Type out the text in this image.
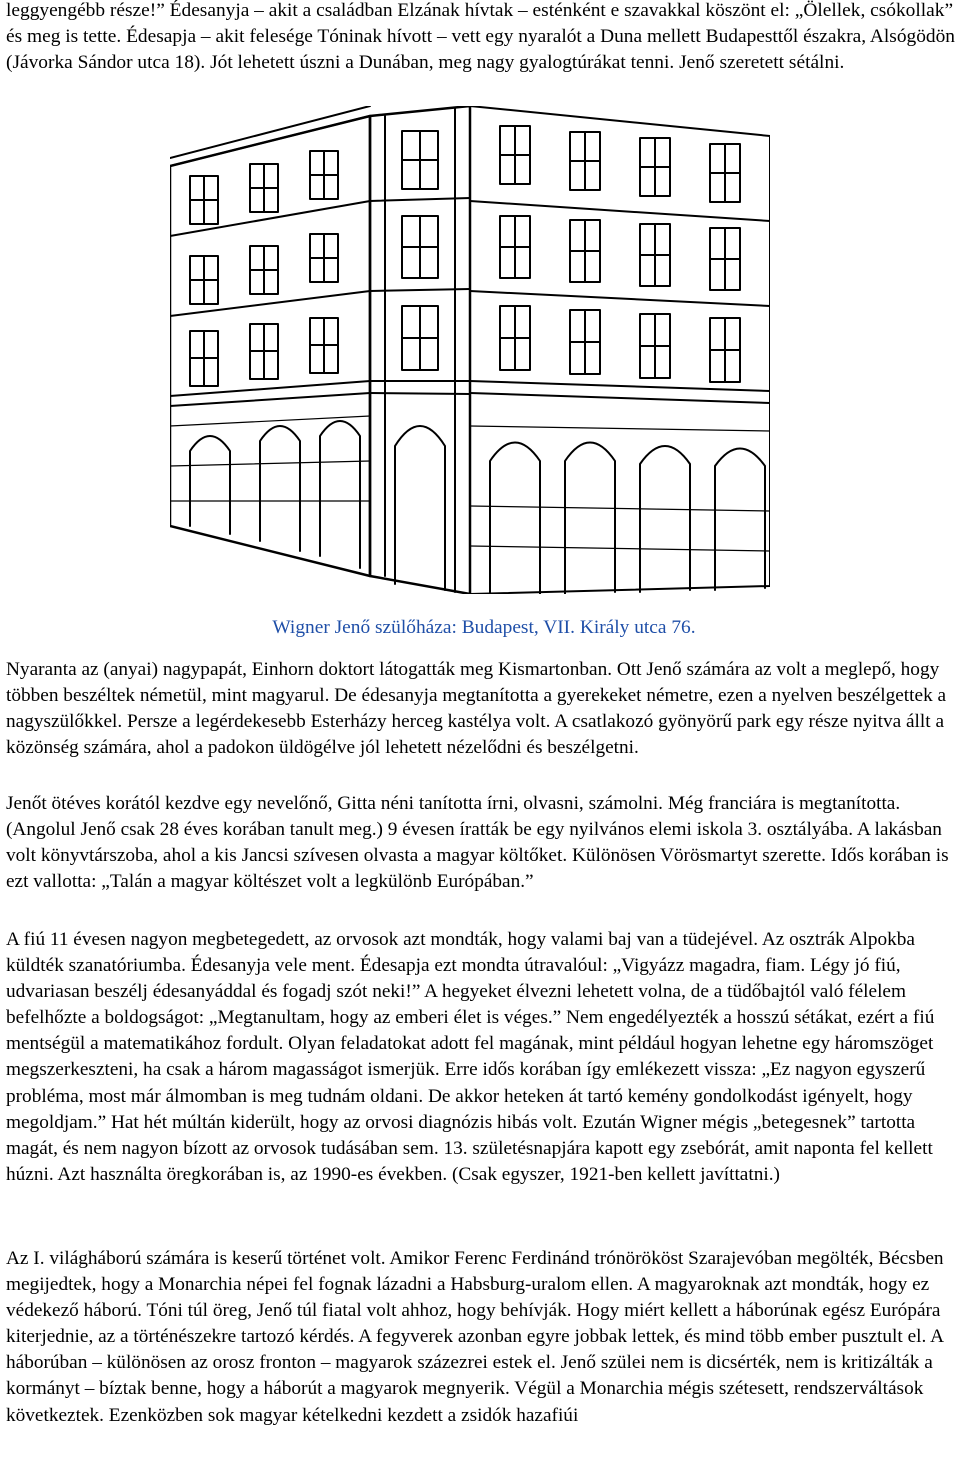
leggyengébb része!” Édesanyja – akit a családban Elzának hívtak – esténként e szavakkal köszönt el: „Ölellek, csókollak” és meg is tette. Édesapja – akit felesége Tóninak hívott – vett egy nyaralót a Duna mellett Budapesttől északra, Alsógödön (Jávorka Sándor utca 18). Jót lehetett úszni a Dunában, meg nagy gyalogtúrákat tenni. Jenő szeretett sétálni.

Wigner Jenő szülőháza: Budapest, VII. Király utca 76.

Nyaranta az (anyai) nagypapát, Einhorn doktort látogatták meg Kismartonban. Ott Jenő számára az volt a meglepő, hogy többen beszéltek németül, mint magyarul. De édesanyja megtanította a gyerekeket németre, ezen a nyelven beszélgettek a nagyszülőkkel. Persze a legérdekesebb Esterházy herceg kastélya volt. A csatlakozó gyönyörű park egy része nyitva állt a közönség számára, ahol a padokon üldögélve jól lehetett nézelődni és beszélgetni.

Jenőt ötéves korától kezdve egy nevelőnő, Gitta néni tanította írni, olvasni, számolni. Még franciára is megtanította. (Angolul Jenő csak 28 éves korában tanult meg.) 9 évesen íratták be egy nyilvános elemi iskola 3. osztályába. A lakásban volt könyvtárszoba, ahol a kis Jancsi szívesen olvasta a magyar költőket. Különösen Vörösmartyt szerette. Idős korában is ezt vallotta: „Talán a magyar költészet volt a legkülönb Európában.”

A fiú 11 évesen nagyon megbetegedett, az orvosok azt mondták, hogy valami baj van a tüdejével. Az osztrák Alpokba küldték szanatóriumba. Édesanyja vele ment. Édesapja ezt mondta útravalóul: „Vigyázz magadra, fiam. Légy jó fiú, udvariasan beszélj édesanyáddal és fogadj szót neki!” A hegyeket élvezni lehetett volna, de a tüdőbajtól való félelem befelhőzte a boldogságot: „Megtanultam, hogy az emberi élet is véges.” Nem engedélyezték a hosszú sétákat, ezért a fiú mentségül a matematikához fordult. Olyan feladatokat adott fel magának, mint például hogyan lehetne egy háromszöget megszerkeszteni, ha csak a három magasságot ismerjük. Erre idős korában így emlékezett vissza: „Ez nagyon egyszerű probléma, most már álmomban is meg tudnám oldani. De akkor heteken át tartó kemény gondolkodást igényelt, hogy megoldjam.” Hat hét múltán kiderült, hogy az orvosi diagnózis hibás volt. Ezután Wigner mégis „betegesnek” tartotta magát, és nem nagyon bízott az orvosok tudásában sem. 13. születésnapjára kapott egy zsebórát, amit naponta fel kellett húzni. Azt használta öregkorában is, az 1990-es években. (Csak egyszer, 1921-ben kellett javíttatni.)

Az I. világháború számára is keserű történet volt. Amikor Ferenc Ferdinánd trónörököst Szarajevóban megölték, Bécsben megijedtek, hogy a Monarchia népei fel fognak lázadni a Habsburg-uralom ellen. A magyaroknak azt mondták, hogy ez védekező háború. Tóni túl öreg, Jenő túl fiatal volt ahhoz, hogy behívják. Hogy miért kellett a háborúnak egész Európára kiterjednie, az a történészekre tartozó kérdés. A fegyverek azonban egyre jobbak lettek, és mind több ember pusztult el. A háborúban – különösen az orosz fronton – magyarok százezrei estek el. Jenő szülei nem is dicsérték, nem is kritizálták a kormányt – bíztak benne, hogy a háborút a magyarok megnyerik. Végül a Monarchia mégis szétesett, rendszerváltások következtek. Ezenközben sok magyar kételkedni kezdett a zsidók hazafiúi
